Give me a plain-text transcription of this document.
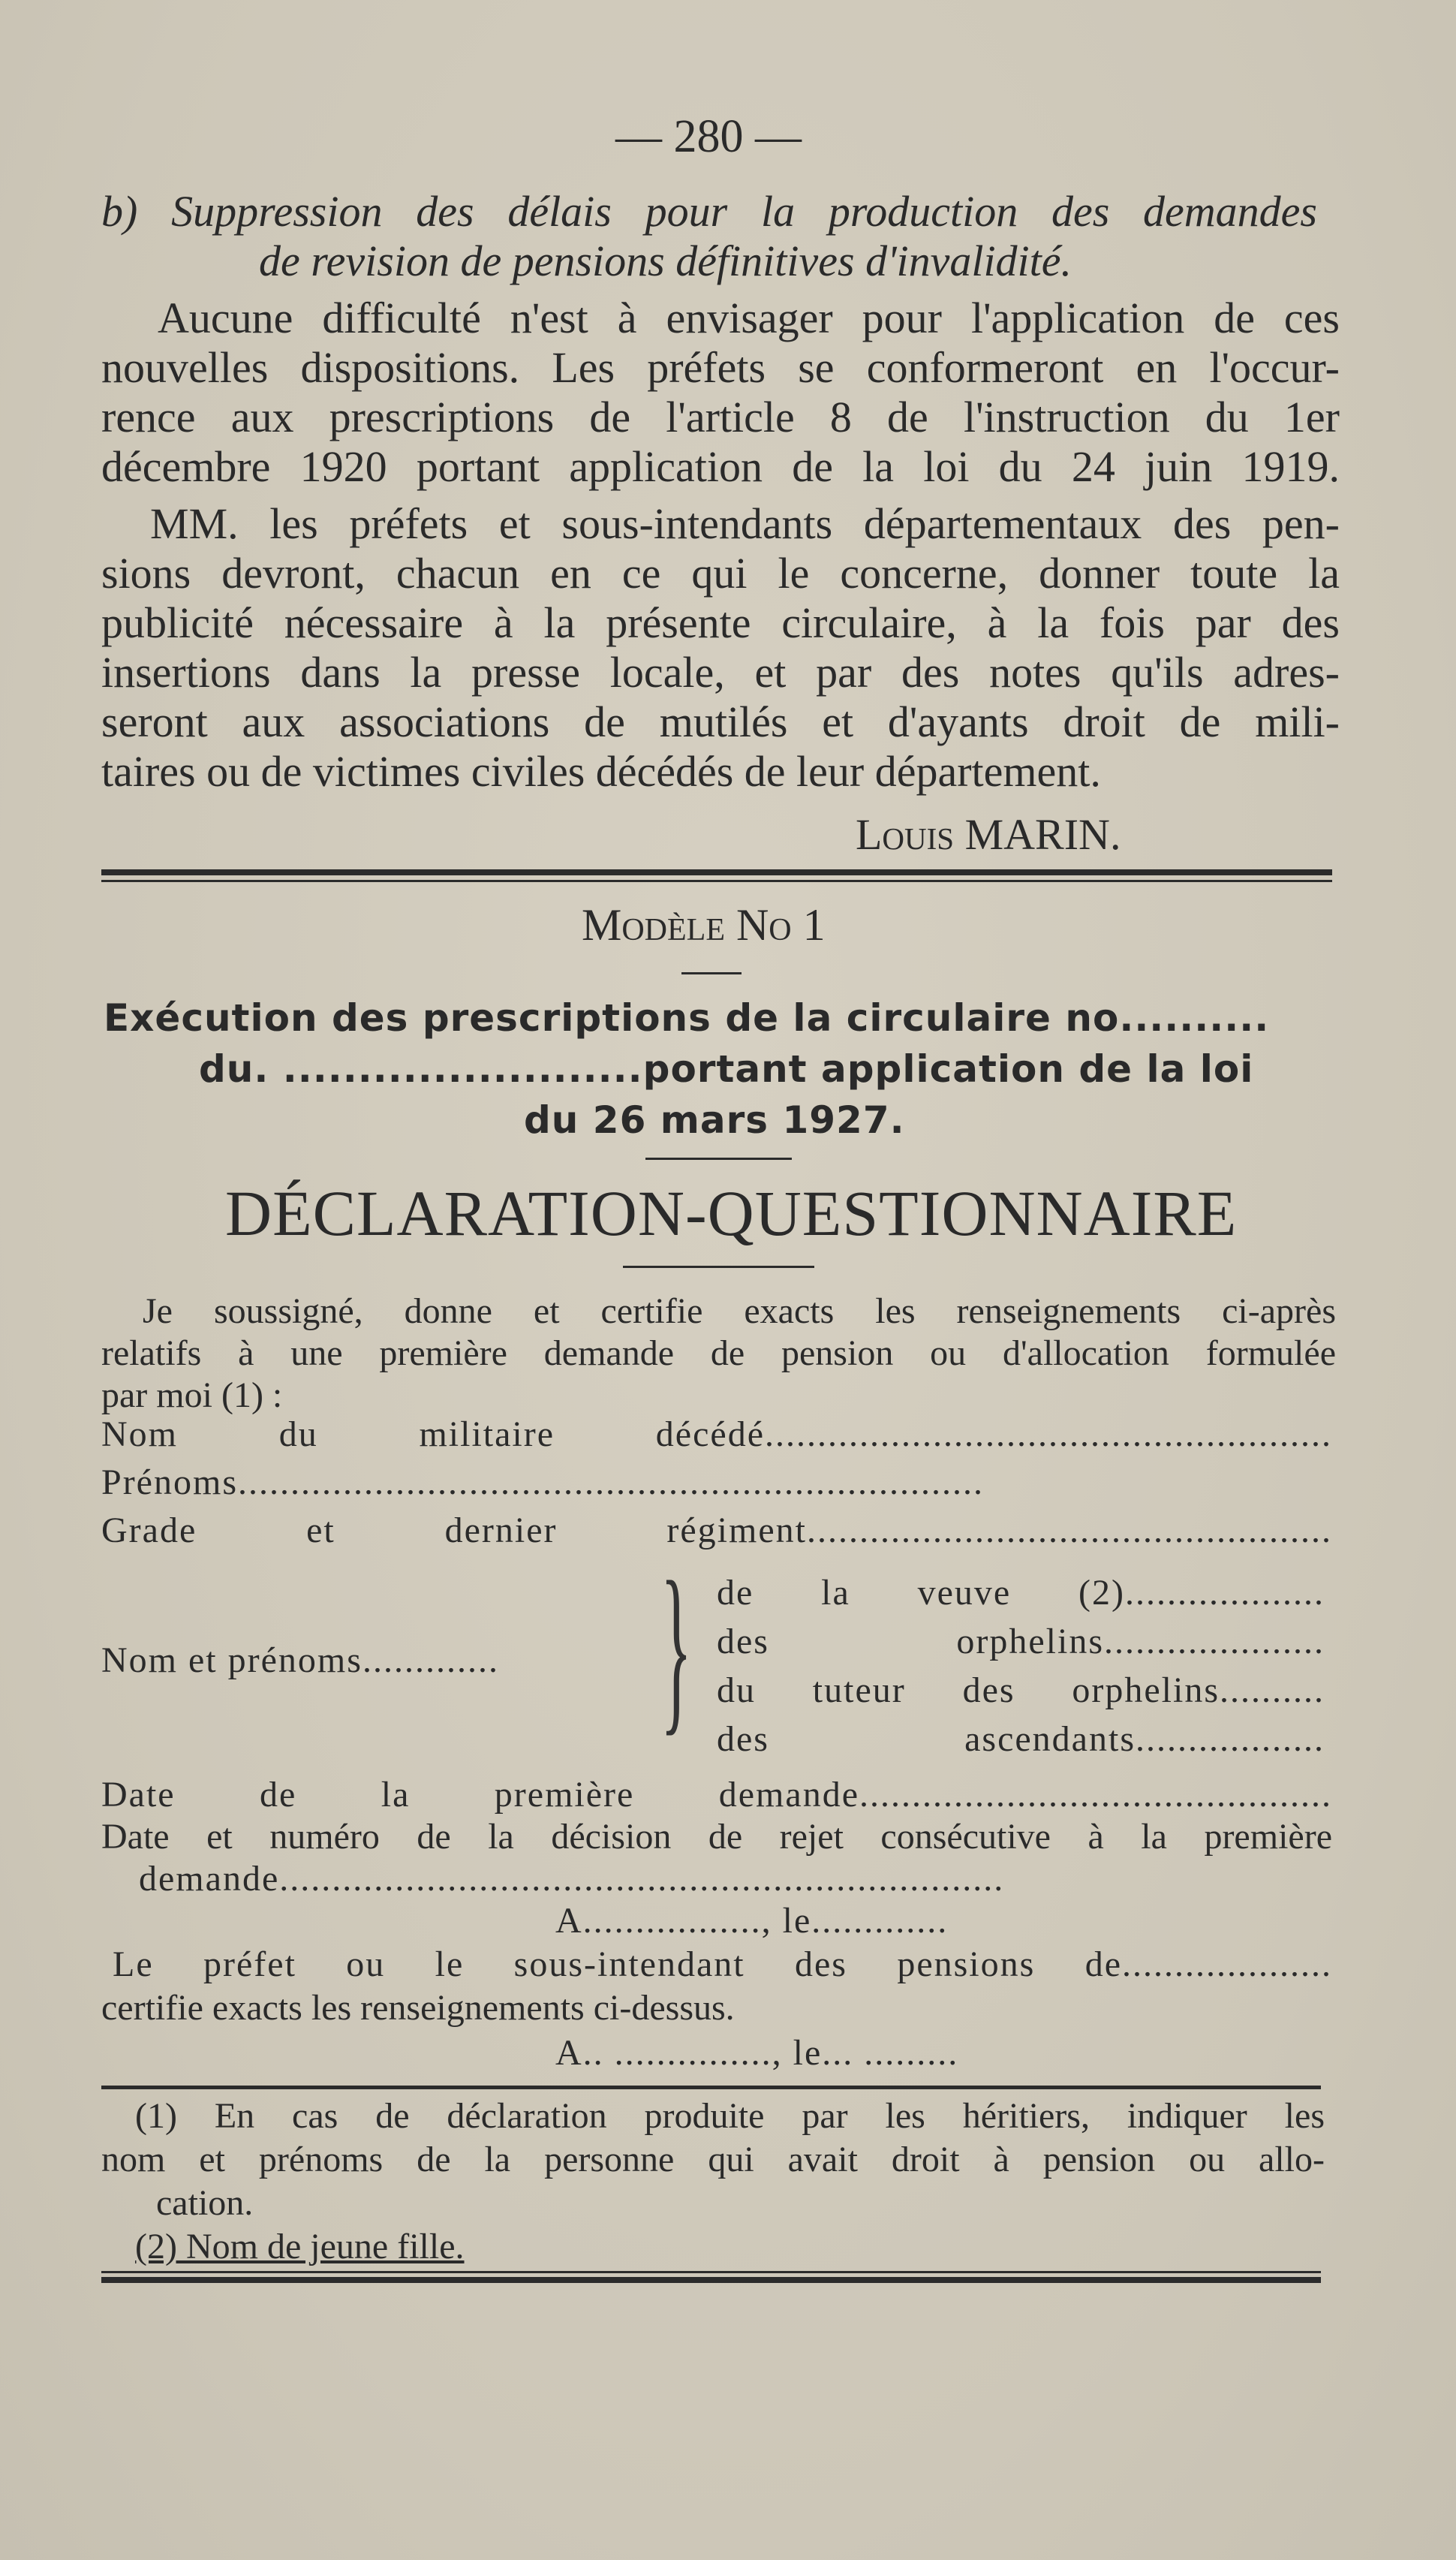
— 280 —
b) Suppression des délais pour la production des demandes
de revision de pensions définitives d'invalidité.
Aucune difficulté n'est à envisager pour l'application de ces
nouvelles dispositions. Les préfets se conformeront en l'occur-
rence aux prescriptions de l'article 8 de l'instruction du 1er
décembre 1920 portant application de la loi du 24 juin 1919.
MM. les préfets et sous-intendants départementaux des pen-
sions devront, chacun en ce qui le concerne, donner toute la
publicité nécessaire à la présente circulaire, à la fois par des
insertions dans la presse locale, et par des notes qu'ils adres-
seront aux associations de mutilés et d'ayants droit de mili-
taires ou de victimes civiles décédés de leur département.
Louis MARIN.
Modèle No 1
Exécution des prescriptions de la circulaire no..........
du. ........................portant application de la loi
du 26 mars 1927.
DÉCLARATION-QUESTIONNAIRE
Je soussigné, donne et certifie exacts les renseignements ci-après
relatifs à une première demande de pension ou d'allocation formulée
par moi (1) :
Nom du militaire décédé......................................................
Prénoms.......................................................................
Grade et dernier régiment..................................................
Nom et prénoms............. } de la veuve (2)...................
des orphelins.....................
du tuteur des orphelins..........
des ascendants..................
Date de la première demande.............................................
Date et numéro de la décision de rejet consécutive à la première
demande.....................................................................
A................., le.............
Le préfet ou le sous-intendant des pensions de....................
certifie exacts les renseignements ci-dessus.
A.. ..............., le... .........
(1) En cas de déclaration produite par les héritiers, indiquer les
nom et prénoms de la personne qui avait droit à pension ou allo-
cation.
(2) Nom de jeune fille.
